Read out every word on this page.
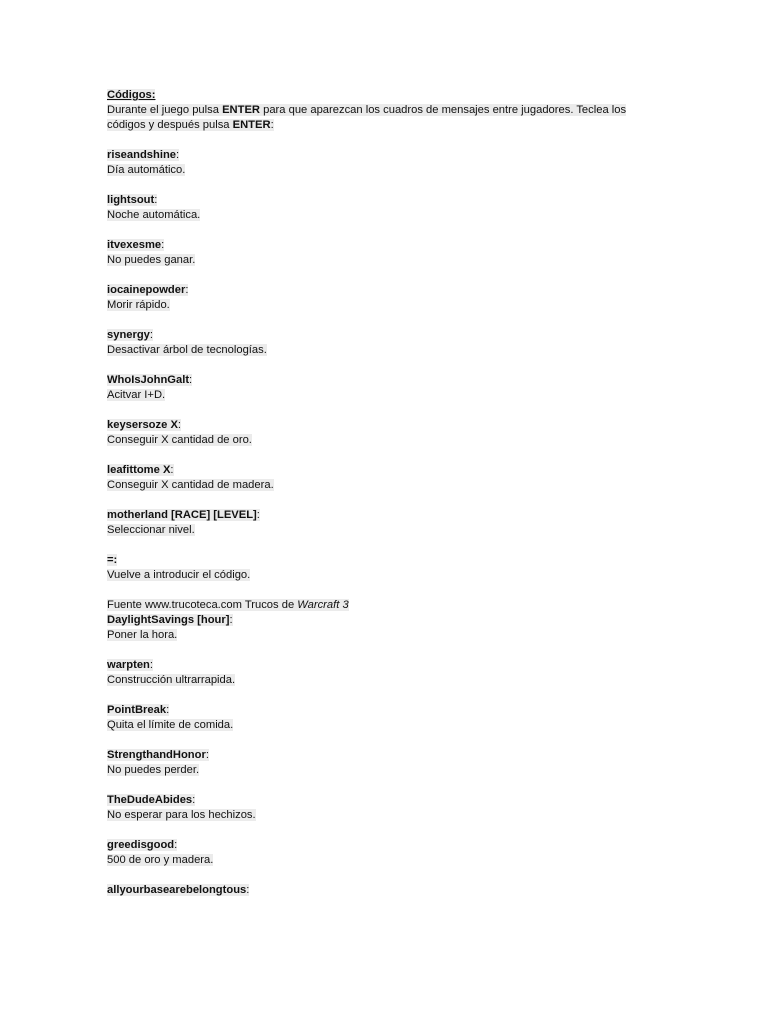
Códigos:
Durante el juego pulsa ENTER para que aparezcan los cuadros de mensajes entre jugadores. Teclea los códigos y después pulsa ENTER:
riseandshine:
Día automático.
lightsout:
Noche automática.
itvexesme:
No puedes ganar.
iocainepowder:
Morir rápido.
synergy:
Desactivar árbol de tecnologías.
WhoIsJohnGalt:
Acitvar I+D.
keysersoze X:
Conseguir X cantidad de oro.
leafittome X:
Conseguir X cantidad de madera.
motherland [RACE] [LEVEL]:
Seleccionar nivel.
=:
Vuelve a introducir el código.
Fuente www.trucoteca.com Trucos de Warcraft 3
DaylightSavings [hour]:
Poner la hora.
warpten:
Construcción ultrarrapida.
PointBreak:
Quita el límite de comida.
StrengthandHonor:
No puedes perder.
TheDudeAbides:
No esperar para los hechizos.
greedisgood:
500 de oro y madera.
allyourbasearebelongtous:
